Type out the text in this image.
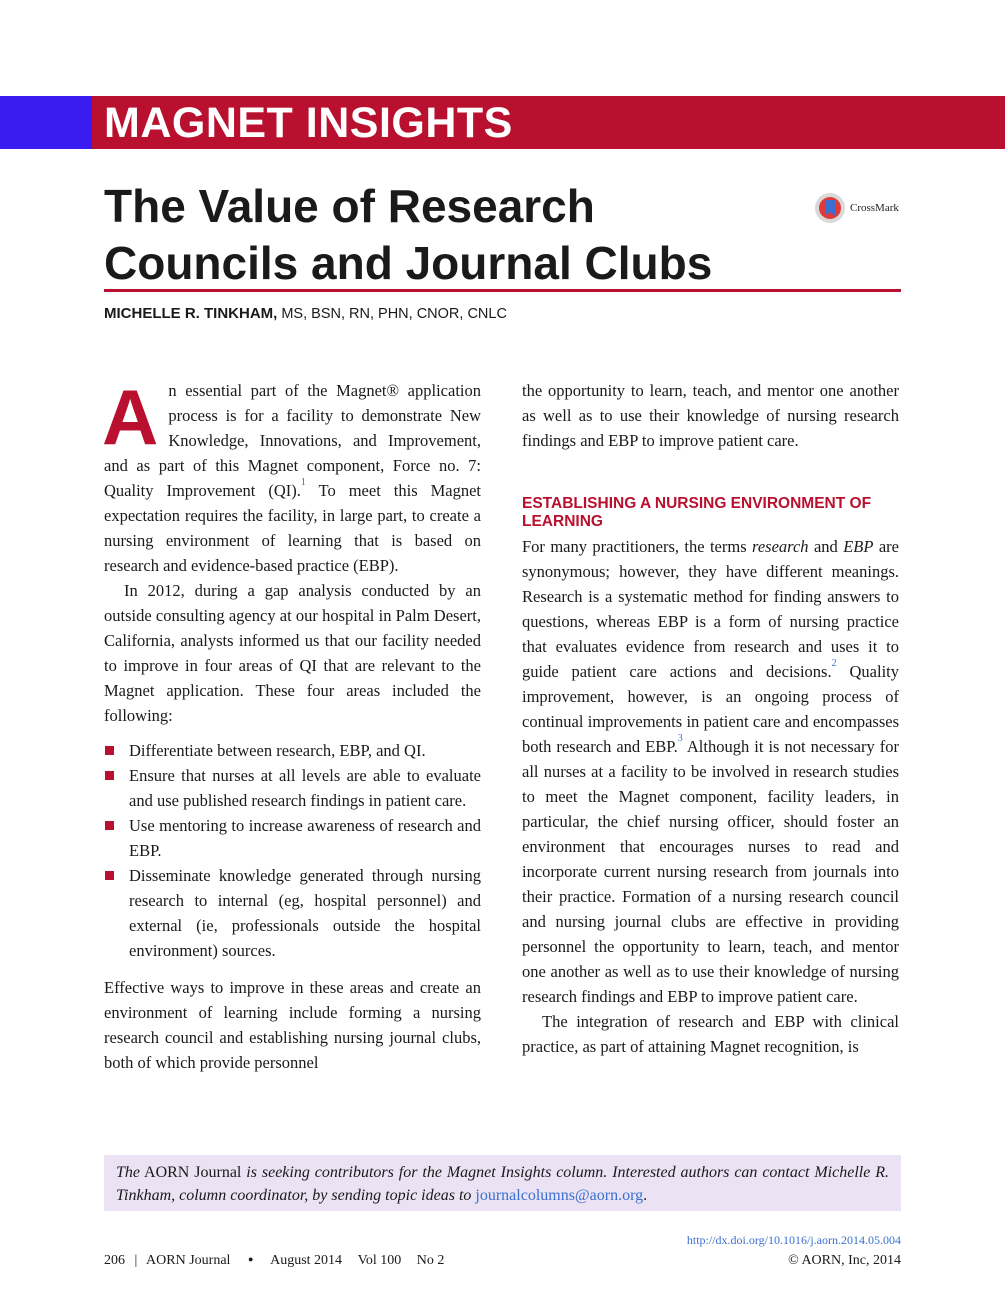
MAGNET INSIGHTS
The Value of Research
Councils and Journal Clubs
CrossMark
MICHELLE R. TINKHAM, MS, BSN, RN, PHN, CNOR, CNLC

An essential part of the Magnet® application process is for a facility to demonstrate New Knowledge, Innovations, and Improvement, and as part of this Magnet component, Force no. 7: Quality Improvement (QI).$^1$ To meet this Magnet expectation requires the facility, in large part, to create a nursing environment of learning that is based on research and evidence-based practice (EBP).

In 2012, during a gap analysis conducted by an outside consulting agency at our hospital in Palm Desert, California, analysts informed us that our facility needed to improve in four areas of QI that are relevant to the Magnet application. These four areas included the following:

Differentiate between research, EBP, and QI.
Ensure that nurses at all levels are able to evaluate and use published research findings in patient care.
Use mentoring to increase awareness of research and EBP.
Disseminate knowledge generated through nursing research to internal (eg, hospital personnel) and external (ie, professionals outside the hospital environment) sources.

Effective ways to improve in these areas and create an environment of learning include forming a nursing research council and establishing nursing journal clubs, both of which provide personnel

the opportunity to learn, teach, and mentor one another as well as to use their knowledge of nursing research findings and EBP to improve patient care.

ESTABLISHING A NURSING ENVIRONMENT OF LEARNING

For many practitioners, the terms research and EBP are synonymous; however, they have different meanings. Research is a systematic method for finding answers to questions, whereas EBP is a form of nursing practice that evaluates evidence from research and uses it to guide patient care actions and decisions.$^2$ Quality improvement, however, is an ongoing process of continual improvements in patient care and encompasses both research and EBP.$^3$ Although it is not necessary for all nurses at a facility to be involved in research studies to meet the Magnet component, facility leaders, in particular, the chief nursing officer, should foster an environment that encourages nurses to read and incorporate current nursing research from journals into their practice. Formation of a nursing research council and nursing journal clubs are effective in providing personnel the opportunity to learn, teach, and mentor one another as well as to use their knowledge of nursing research findings and EBP to improve patient care.

The integration of research and EBP with clinical practice, as part of attaining Magnet recognition, is

The AORN Journal is seeking contributors for the Magnet Insights column. Interested authors can contact Michelle R. Tinkham, column coordinator, by sending topic ideas to journalcolumns@aorn.org.

http://dx.doi.org/10.1016/j.aorn.2014.05.004
206 | AORN Journal ● August 2014 Vol 100 No 2	© AORN, Inc, 2014
